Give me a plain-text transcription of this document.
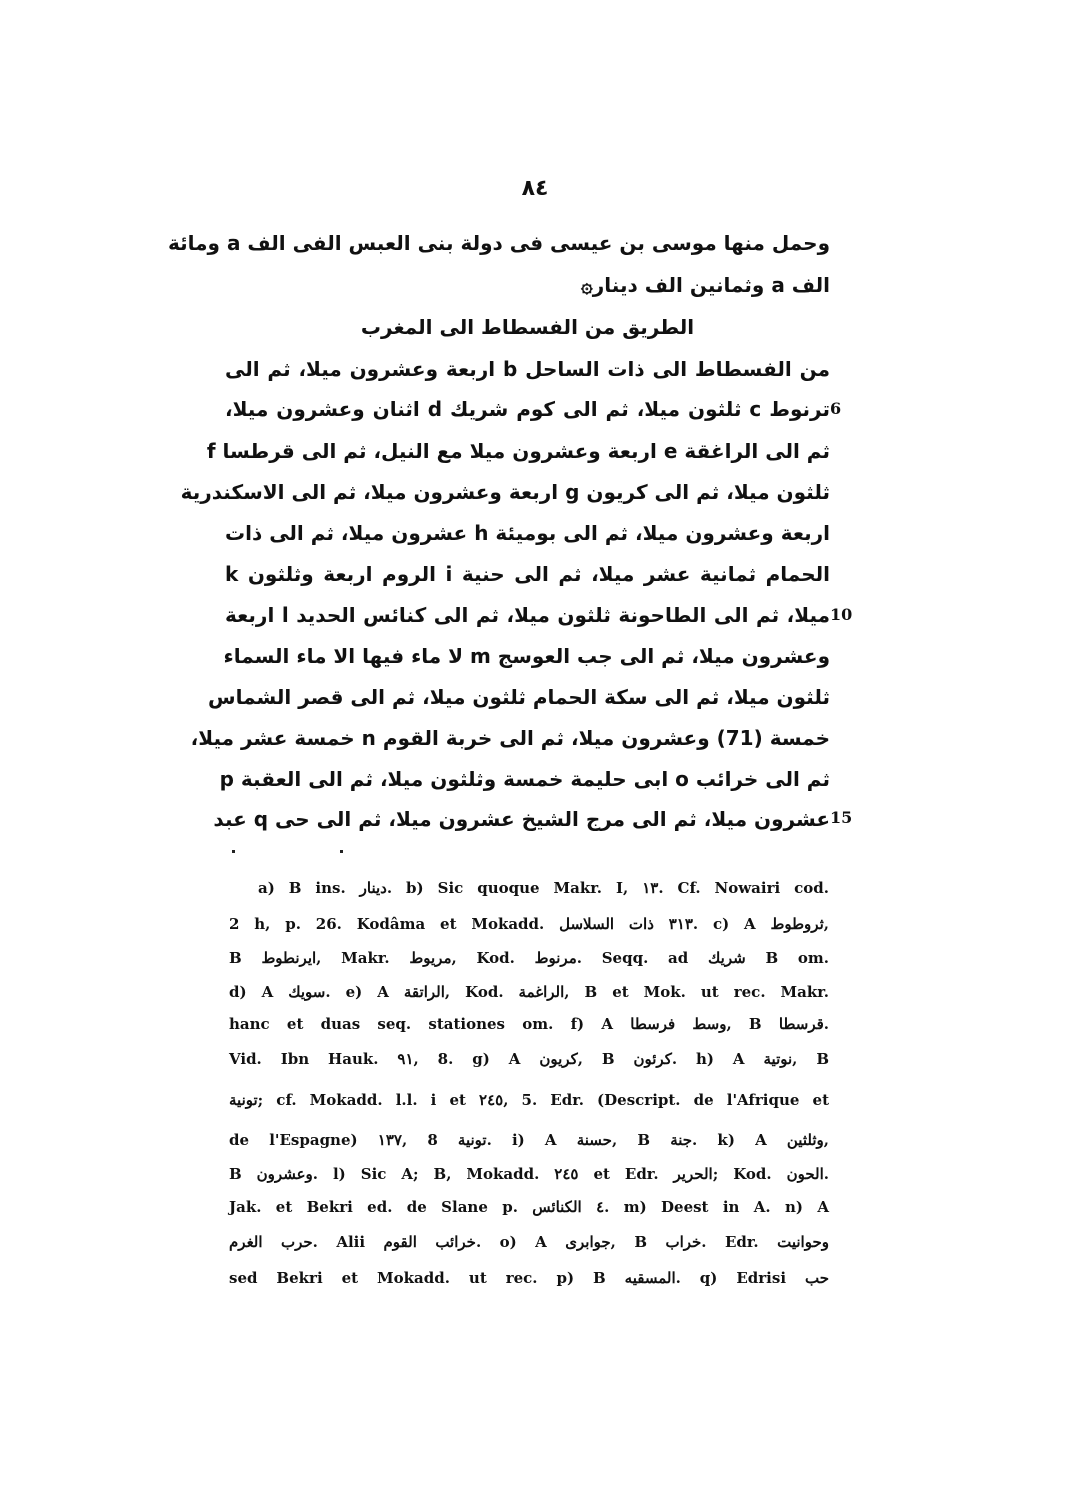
٨٤
وحمل منها موسى بن عيسى فى دولة بنى العبس الفى الف a ومائة
الف a وثمانين الف دينار۞
الطريق من الفسطاط الى المغرب
من الفسطاط الى ذات الساحل b اربعة وعشرون ميلا، ثم الى
ترنوط c ثلثون ميلا، ثم الى كوم شريك d اثنان وعشرون ميلا، 6
ثم الى الراغقة e اربعة وعشرون ميلا مع النيل، ثم الى قرطسا f
ثلثون ميلا، ثم الى كريون g اربعة وعشرون ميلا، ثم الى الاسكندرية
اربعة وعشرون ميلا، ثم الى بوميئة h عشرون ميلا، ثم الى ذات
الحمام ثمانية عشر ميلا، ثم الى حنية i الروم اربعة وثلثون k
ميلا، ثم الى الطاحونة ثلثون ميلا، ثم الى كنائس الحديد l اربعة 10
وعشرون ميلا، ثم الى جب العوسج m لا ماء فيها الا ماء السماء
ثلثون ميلا، ثم الى سكة الحمام ثلثون ميلا، ثم الى قصر الشماس
خمسة (71) وعشرون ميلا، ثم الى خربة القوم n خمسة عشر ميلا،
ثم الى خرائب o ابى حليمة خمسة وثلثون ميلا، ثم الى العقبة p
عشرون ميلا، ثم الى مرج الشيخ عشرون ميلا، ثم الى حى q عبد 15
a) B ins. دينار. b) Sic quoque Makr. I, ١٣. Cf. Nowairi cod.
2 h, p. 26. Kodâma et Mokadd. ٣١٣ ذات السلاسل. c) A ثروطوط,
B ايرنطوط, Makr. مريوط, Kod. مرنوط. Seqq. ad شريك B om.
d) A سويك. e) A الراتقة, Kod. الراغمة, B et Mok. ut rec. Makr.
hanc et duas seq. stationes om. f) A وسط فرسطا, B قرسطا.
Vid. Ibn Hauk. ٩١, 8. g) A كريون, B كرئون. h) A نوتية, B
تونية; cf. Mokadd. l.l. i et ٢٤٥, 5. Edr. (Descript. de l'Afrique et
de l'Espagne) ١٣٧, 8 تونية. i) A حسنة, B جنة. k) A وثلثين,
B وعشرون. l) Sic A; B, Mokadd. ٢٤٥ et Edr. الحرير; Kod. الحون.
Jak. et Bekri ed. de Slane p. ٤ الكنائس. m) Deest in A. n) A
حرب الغرم. Alii خرائب القوم. o) A جوابرى, B خراب. Edr. وحوانيت
sed Bekri et Mokadd. ut rec. p) B المسقيه. q) Edrisi حب
